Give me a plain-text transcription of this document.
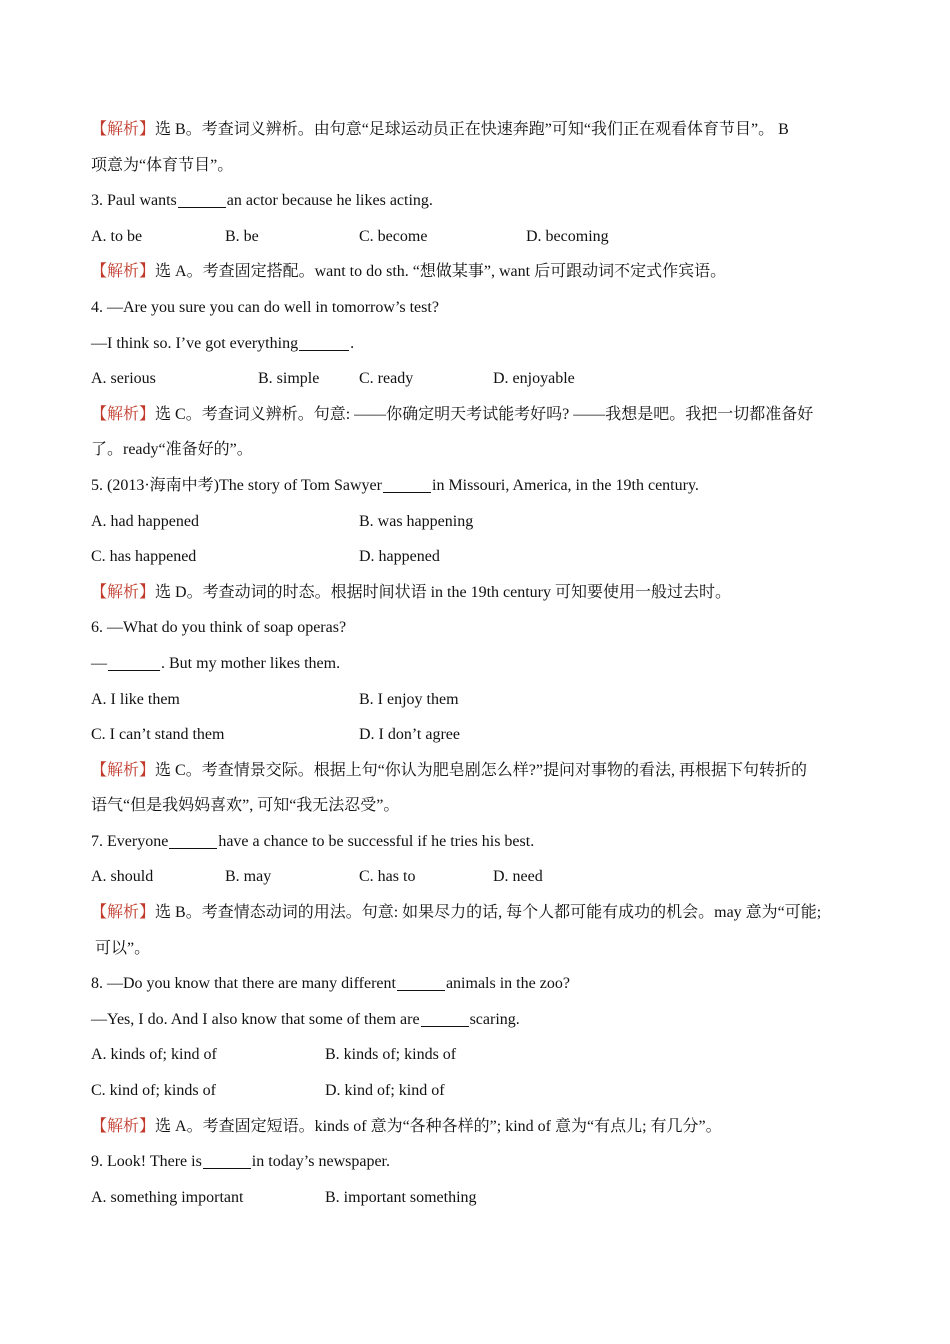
【解析】选 B。考查词义辨析。由句意“足球运动员正在快速奔跑”可知“我们正在观看体育节目”。 B
项意为“体育节目”。
3. Paul wants	an actor because he likes acting.
A. to be	B. be	C. become	D. becoming
【解析】选 A。考查固定搭配。want to do sth. “想做某事”, want 后可跟动词不定式作宾语。
4. —Are you sure you can do well in tomorrow’s test?
—I think so. I’ve got everything	.
A. serious	B. simple C. ready	D. enjoyable
【解析】选 C。考查词义辨析。句意: ——你确定明天考试能考好吗? ——我想是吧。我把一切都准备好
了。ready“准备好的”。
5. (2013·海南中考)The story of Tom Sawyer	in Missouri, America, in the 19th century.
A. had happened	B. was happening
C. has happened	D. happened
【解析】选 D。考查动词的时态。根据时间状语 in the 19th century 可知要使用一般过去时。
6. —What do you think of soap operas?
—	. But my mother likes them.
A. I like them	B. I enjoy them
C. I can’t stand them	D. I don’t agree
【解析】选 C。考查情景交际。根据上句“你认为肥皂剧怎么样?”提问对事物的看法, 再根据下句转折的
语气“但是我妈妈喜欢”, 可知“我无法忍受”。
7. Everyone	have a chance to be successful if he tries his best.
A. should	B. may	C. has to	D. need
【解析】选 B。考查情态动词的用法。句意: 如果尽力的话, 每个人都可能有成功的机会。may 意为“可能;
可以”。
8. —Do you know that there are many different	animals in the zoo?
—Yes, I do. And I also know that some of them are	scaring.
A. kinds of; kind of	B. kinds of; kinds of
C. kind of; kinds of	D. kind of; kind of
【解析】选 A。考查固定短语。kinds of 意为“各种各样的”; kind of 意为“有点儿; 有几分”。
9. Look! There is	in today’s newspaper.
A. something important	B. important something
